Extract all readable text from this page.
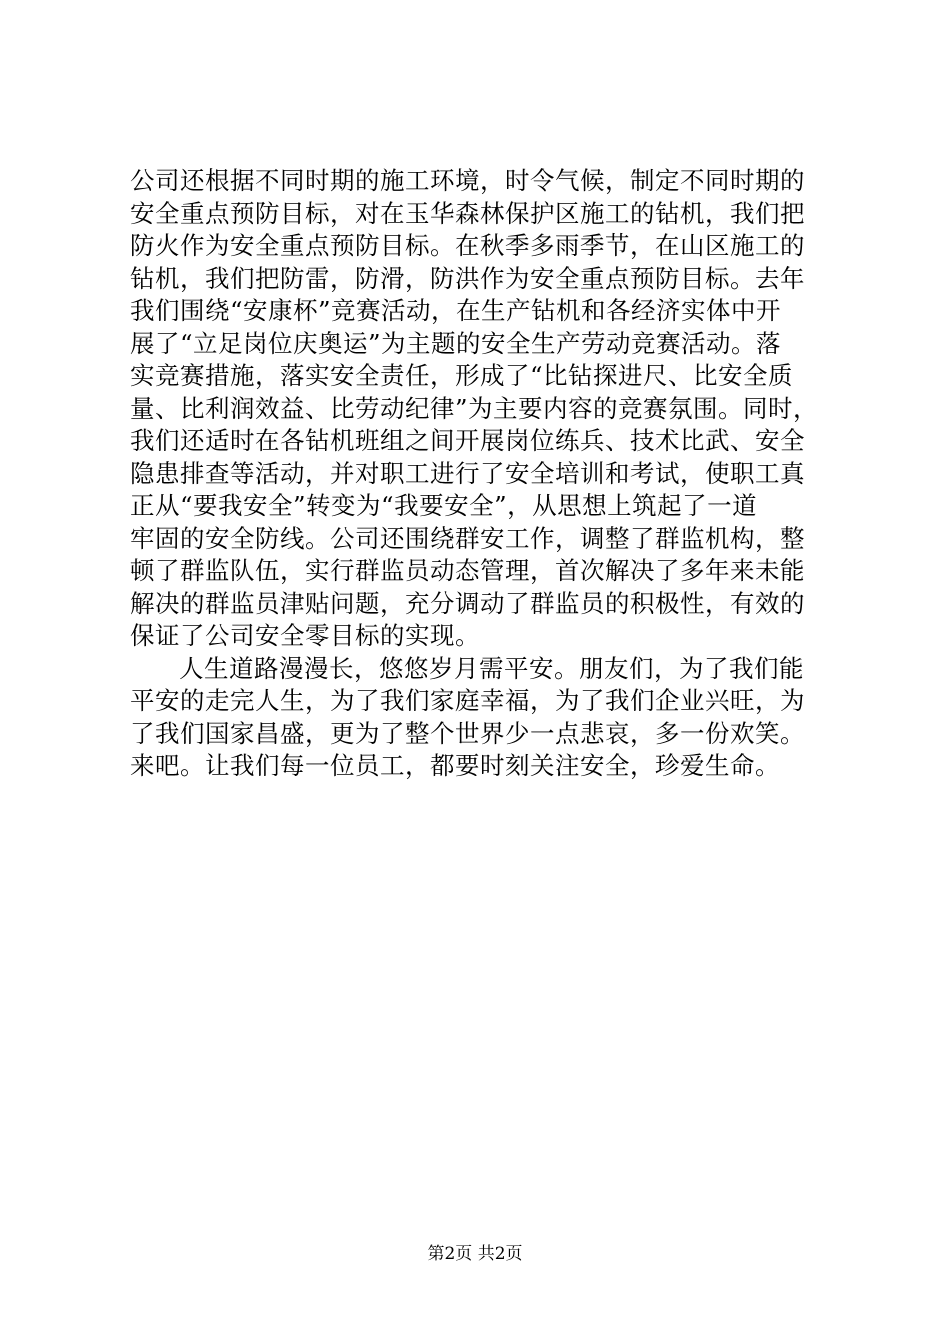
公司还根据不同时期的施工环境，时令气候，制定不同时期的
安全重点预防目标，对在玉华森林保护区施工的钻机，我们把
防火作为安全重点预防目标。在秋季多雨季节，在山区施工的
钻机，我们把防雷，防滑，防洪作为安全重点预防目标。去年
我们围绕“安康杯”竞赛活动，在生产钻机和各经济实体中开
展了“立足岗位庆奥运”为主题的安全生产劳动竞赛活动。落
实竞赛措施，落实安全责任，形成了“比钻探进尺、比安全质
量、比利润效益、比劳动纪律”为主要内容的竞赛氛围。同时，
我们还适时在各钻机班组之间开展岗位练兵、技术比武、安全
隐患排查等活动，并对职工进行了安全培训和考试，使职工真
正从“要我安全”转变为“我要安全”，从思想上筑起了一道
牢固的安全防线。公司还围绕群安工作，调整了群监机构，整
顿了群监队伍，实行群监员动态管理，首次解决了多年来未能
解决的群监员津贴问题，充分调动了群监员的积极性，有效的
保证了公司安全零目标的实现。
人生道路漫漫长，悠悠岁月需平安。朋友们，为了我们能
平安的走完人生，为了我们家庭幸福，为了我们企业兴旺，为
了我们国家昌盛，更为了整个世界少一点悲哀，多一份欢笑。
来吧。让我们每一位员工，都要时刻关注安全，珍爱生命。
第2页 共2页
